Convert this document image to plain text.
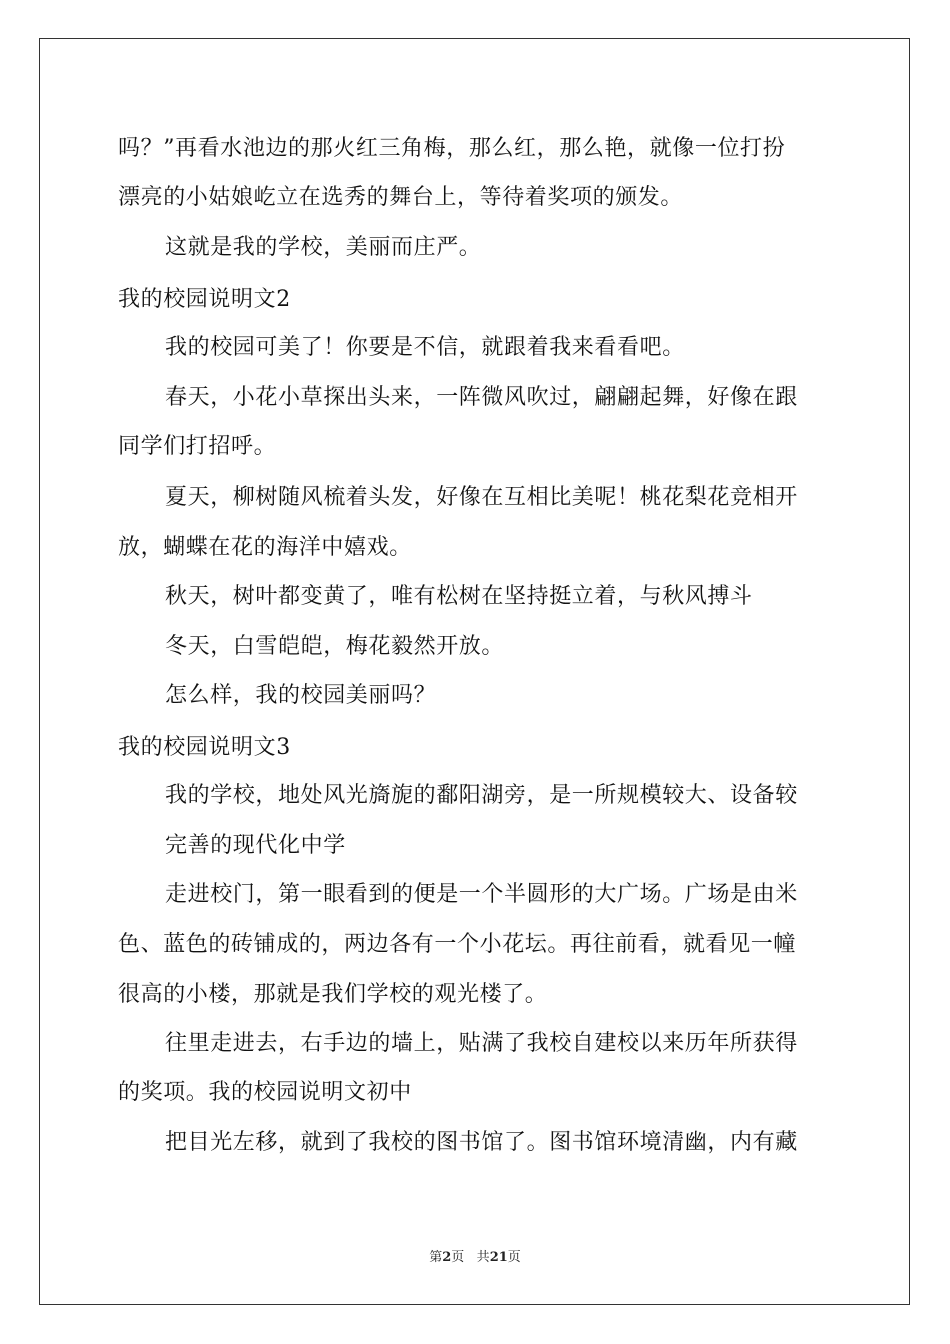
吗？”再看水池边的那火红三角梅，那么红，那么艳，就像一位打扮
漂亮的小姑娘屹立在选秀的舞台上，等待着奖项的颁发。
这就是我的学校，美丽而庄严。
我的校园说明文2
我的校园可美了！你要是不信，就跟着我来看看吧。
春天，小花小草探出头来，一阵微风吹过，翩翩起舞，好像在跟
同学们打招呼。
夏天，柳树随风梳着头发，好像在互相比美呢！桃花梨花竞相开
放，蝴蝶在花的海洋中嬉戏。
秋天，树叶都变黄了，唯有松树在坚持挺立着，与秋风搏斗
冬天，白雪皑皑，梅花毅然开放。
怎么样，我的校园美丽吗？
我的校园说明文3
我的学校，地处风光旖旎的鄱阳湖旁，是一所规模较大、设备较
完善的现代化中学
走进校门，第一眼看到的便是一个半圆形的大广场。广场是由米
色、蓝色的砖铺成的，两边各有一个小花坛。再往前看，就看见一幢
很高的小楼，那就是我们学校的观光楼了。
往里走进去，右手边的墙上，贴满了我校自建校以来历年所获得
的奖项。我的校园说明文初中
把目光左移，就到了我校的图书馆了。图书馆环境清幽，内有藏
第2页 共21页
